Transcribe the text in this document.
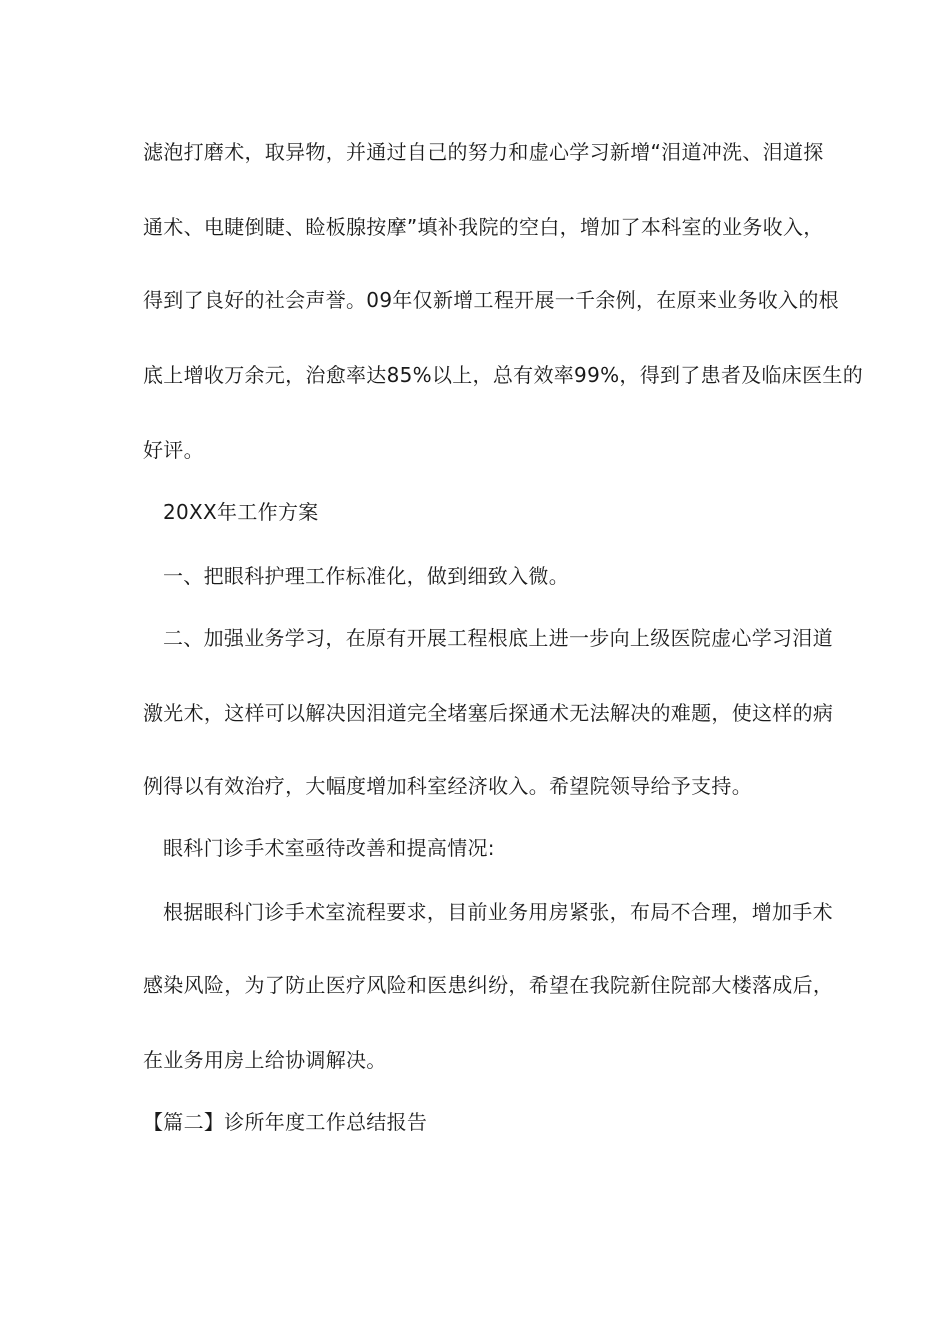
滤泡打磨术，取异物，并通过自己的努力和虚心学习新增“泪道冲洗、泪道探
通术、电睫倒睫、睑板腺按摩”填补我院的空白，增加了本科室的业务收入，
得到了良好的社会声誉。09年仅新增工程开展一千余例，在原来业务收入的根
底上增收万余元，治愈率达85%以上，总有效率99%，得到了患者及临床医生的
好评。
20XX年工作方案
一、把眼科护理工作标准化，做到细致入微。
二、加强业务学习，在原有开展工程根底上进一步向上级医院虚心学习泪道
激光术，这样可以解决因泪道完全堵塞后探通术无法解决的难题，使这样的病
例得以有效治疗，大幅度增加科室经济收入。希望院领导给予支持。
眼科门诊手术室亟待改善和提高情况:
根据眼科门诊手术室流程要求，目前业务用房紧张，布局不合理，增加手术
感染风险，为了防止医疗风险和医患纠纷，希望在我院新住院部大楼落成后，
在业务用房上给协调解决。
【篇二】诊所年度工作总结报告
